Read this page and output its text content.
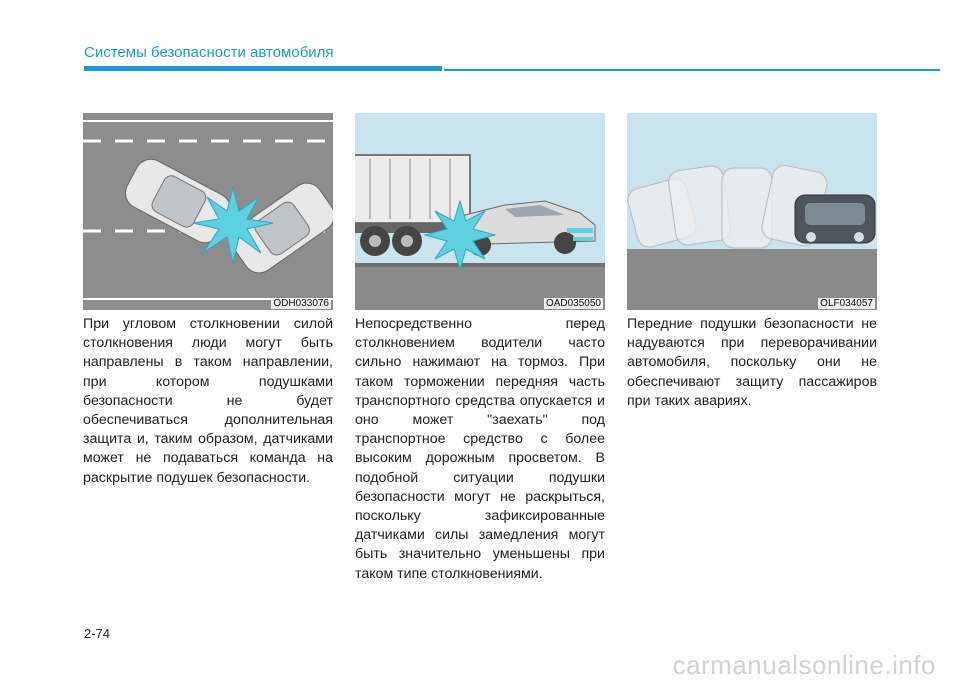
Системы безопасности автомобиля
ODH033076	OAD035050	OLF034057
При угловом столкновении силой столкновения люди могут быть направлены в таком направлении, при котором подушками безопасности не будет обеспечиваться дополнительная защита и, таким образом, датчиками может не подаваться команда на раскрытие подушек безопасности.
Непосредственно перед столкновением водители часто сильно нажимают на тормоз. При таком торможении передняя часть транспортного средства опускается и оно может "заехать" под транспортное средство с более высоким дорожным просветом. В подобной ситуации подушки безопасности могут не раскрыться, поскольку зафиксированные датчиками силы замедления могут быть значительно уменьшены при таком типе столкновениями.
Передние подушки безопасности не надуваются при переворачивании автомобиля, поскольку они не обеспечивают защиту пассажиров при таких авариях.
2-74
carmanualsonline.info
